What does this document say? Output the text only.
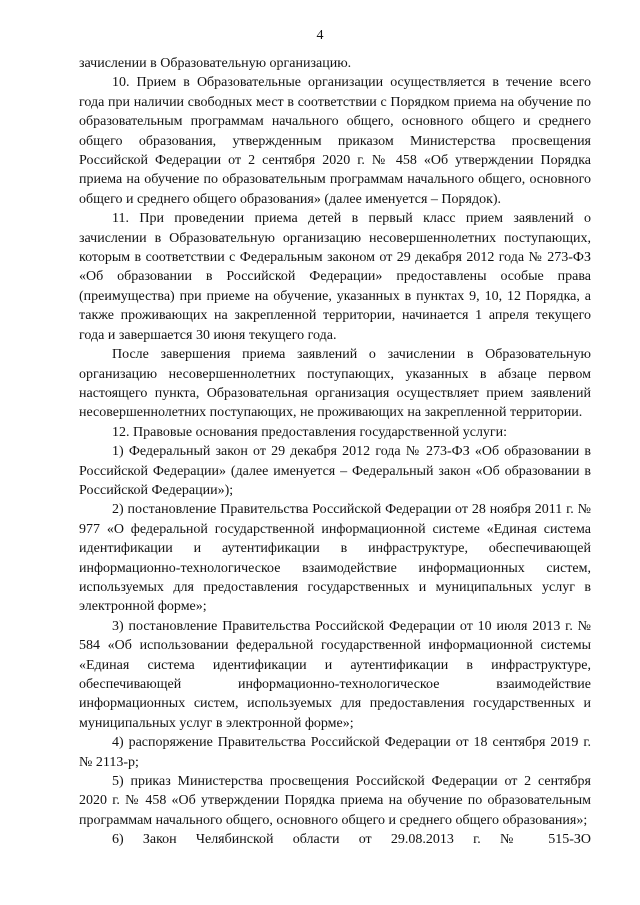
4

зачислении в Образовательную организацию.

10. Прием в Образовательные организации осуществляется в течение всего года при наличии свободных мест в соответствии с Порядком приема на обучение по образовательным программам начального общего, основного общего и среднего общего образования, утвержденным приказом Министерства просвещения Российской Федерации от 2 сентября 2020 г. № 458 «Об утверждении Порядка приема на обучение по образовательным программам начального общего, основного общего и среднего общего образования» (далее именуется – Порядок).

11. При проведении приема детей в первый класс прием заявлений о зачислении в Образовательную организацию несовершеннолетних поступающих, которым в соответствии с Федеральным законом от 29 декабря 2012 года № 273-ФЗ «Об образовании в Российской Федерации» предоставлены особые права (преимущества) при приеме на обучение, указанных в пунктах 9, 10, 12 Порядка, а также проживающих на закрепленной территории, начинается 1 апреля текущего года и завершается 30 июня текущего года.

После завершения приема заявлений о зачислении в Образовательную организацию несовершеннолетних поступающих, указанных в абзаце первом настоящего пункта, Образовательная организация осуществляет прием заявлений несовершеннолетних поступающих, не проживающих на закрепленной территории.

12. Правовые основания предоставления государственной услуги:

1) Федеральный закон от 29 декабря 2012 года № 273-ФЗ «Об образовании в Российской Федерации» (далее именуется – Федеральный закон «Об образовании в Российской Федерации»);

2) постановление Правительства Российской Федерации от 28 ноября 2011 г. № 977 «О федеральной государственной информационной системе «Единая система идентификации и аутентификации в инфраструктуре, обеспечивающей информационно-технологическое взаимодействие информационных систем, используемых для предоставления государственных и муниципальных услуг в электронной форме»;

3) постановление Правительства Российской Федерации от 10 июля 2013 г. № 584 «Об использовании федеральной государственной информационной системы «Единая система идентификации и аутентификации в инфраструктуре, обеспечивающей информационно-технологическое взаимодействие информационных систем, используемых для предоставления государственных и муниципальных услуг в электронной форме»;

4) распоряжение Правительства Российской Федерации от 18 сентября 2019 г. № 2113-р;

5) приказ Министерства просвещения Российской Федерации от 2 сентября 2020 г. № 458 «Об утверждении Порядка приема на обучение по образовательным программам начального общего, основного общего и среднего общего образования»;

6) Закон Челябинской области от 29.08.2013 г. № 515-ЗО
